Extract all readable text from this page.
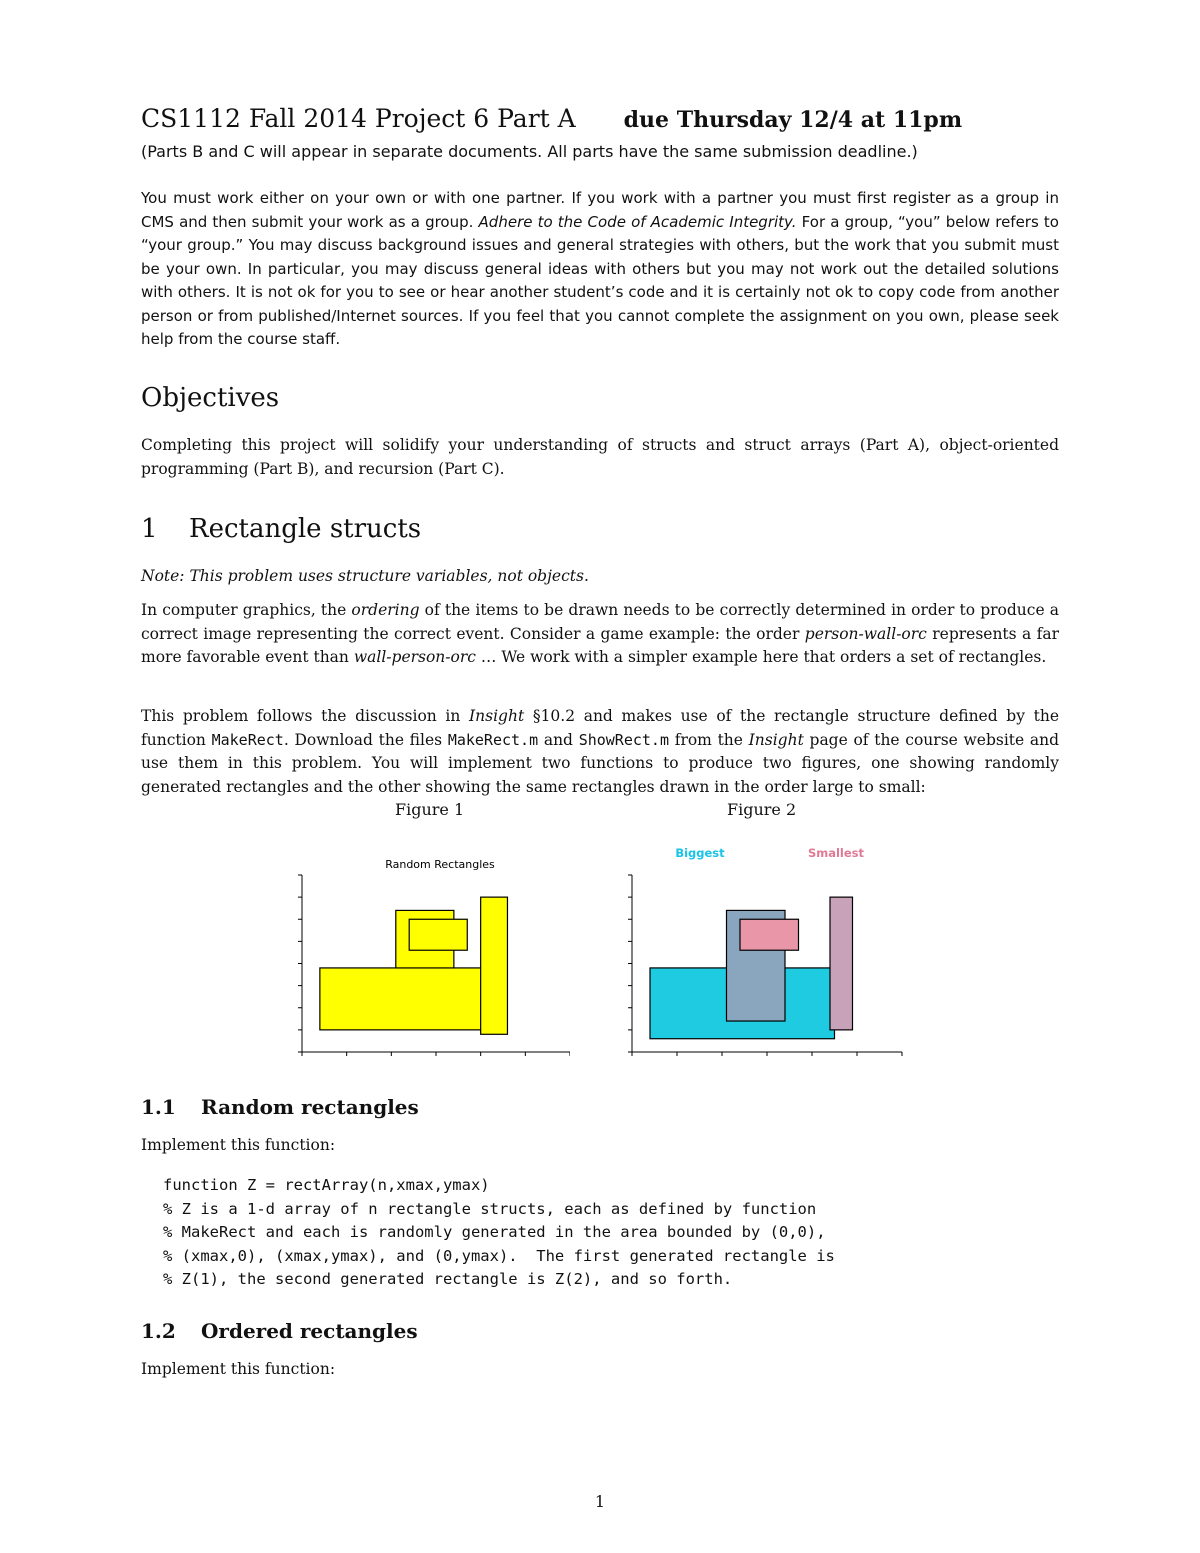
CS1112 Fall 2014 Project 6 Part A due Thursday 12/4 at 11pm
(Parts B and C will appear in separate documents. All parts have the same submission deadline.)
You must work either on your own or with one partner. If you work with a partner you must first register as a group in CMS and then submit your work as a group. Adhere to the Code of Academic Integrity. For a group, “you” below refers to “your group.” You may discuss background issues and general strategies with others, but the work that you submit must be your own. In particular, you may discuss general ideas with others but you may not work out the detailed solutions with others. It is not ok for you to see or hear another student’s code and it is certainly not ok to copy code from another person or from published/Internet sources. If you feel that you cannot complete the assignment on you own, please seek help from the course staff.
Objectives
Completing this project will solidify your understanding of structs and struct arrays (Part A), object-oriented programming (Part B), and recursion (Part C).
1 Rectangle structs
Note: This problem uses structure variables, not objects.
In computer graphics, the ordering of the items to be drawn needs to be correctly determined in order to produce a correct image representing the correct event. Consider a game example: the order person-wall-orc represents a far more favorable event than wall-person-orc … We work with a simpler example here that orders a set of rectangles.
This problem follows the discussion in Insight §10.2 and makes use of the rectangle structure defined by the function MakeRect. Download the files MakeRect.m and ShowRect.m from the Insight page of the course website and use them in this problem. You will implement two functions to produce two figures, one showing randomly generated rectangles and the other showing the same rectangles drawn in the order large to small:
Figure 1	Figure 2
Random Rectangles
Biggest	Smallest
1.1 Random rectangles
Implement this function:
function Z = rectArray(n,xmax,ymax)
% Z is a 1-d array of n rectangle structs, each as defined by function
% MakeRect and each is randomly generated in the area bounded by (0,0),
% (xmax,0), (xmax,ymax), and (0,ymax).  The first generated rectangle is
% Z(1), the second generated rectangle is Z(2), and so forth.
1.2 Ordered rectangles
Implement this function:
1
